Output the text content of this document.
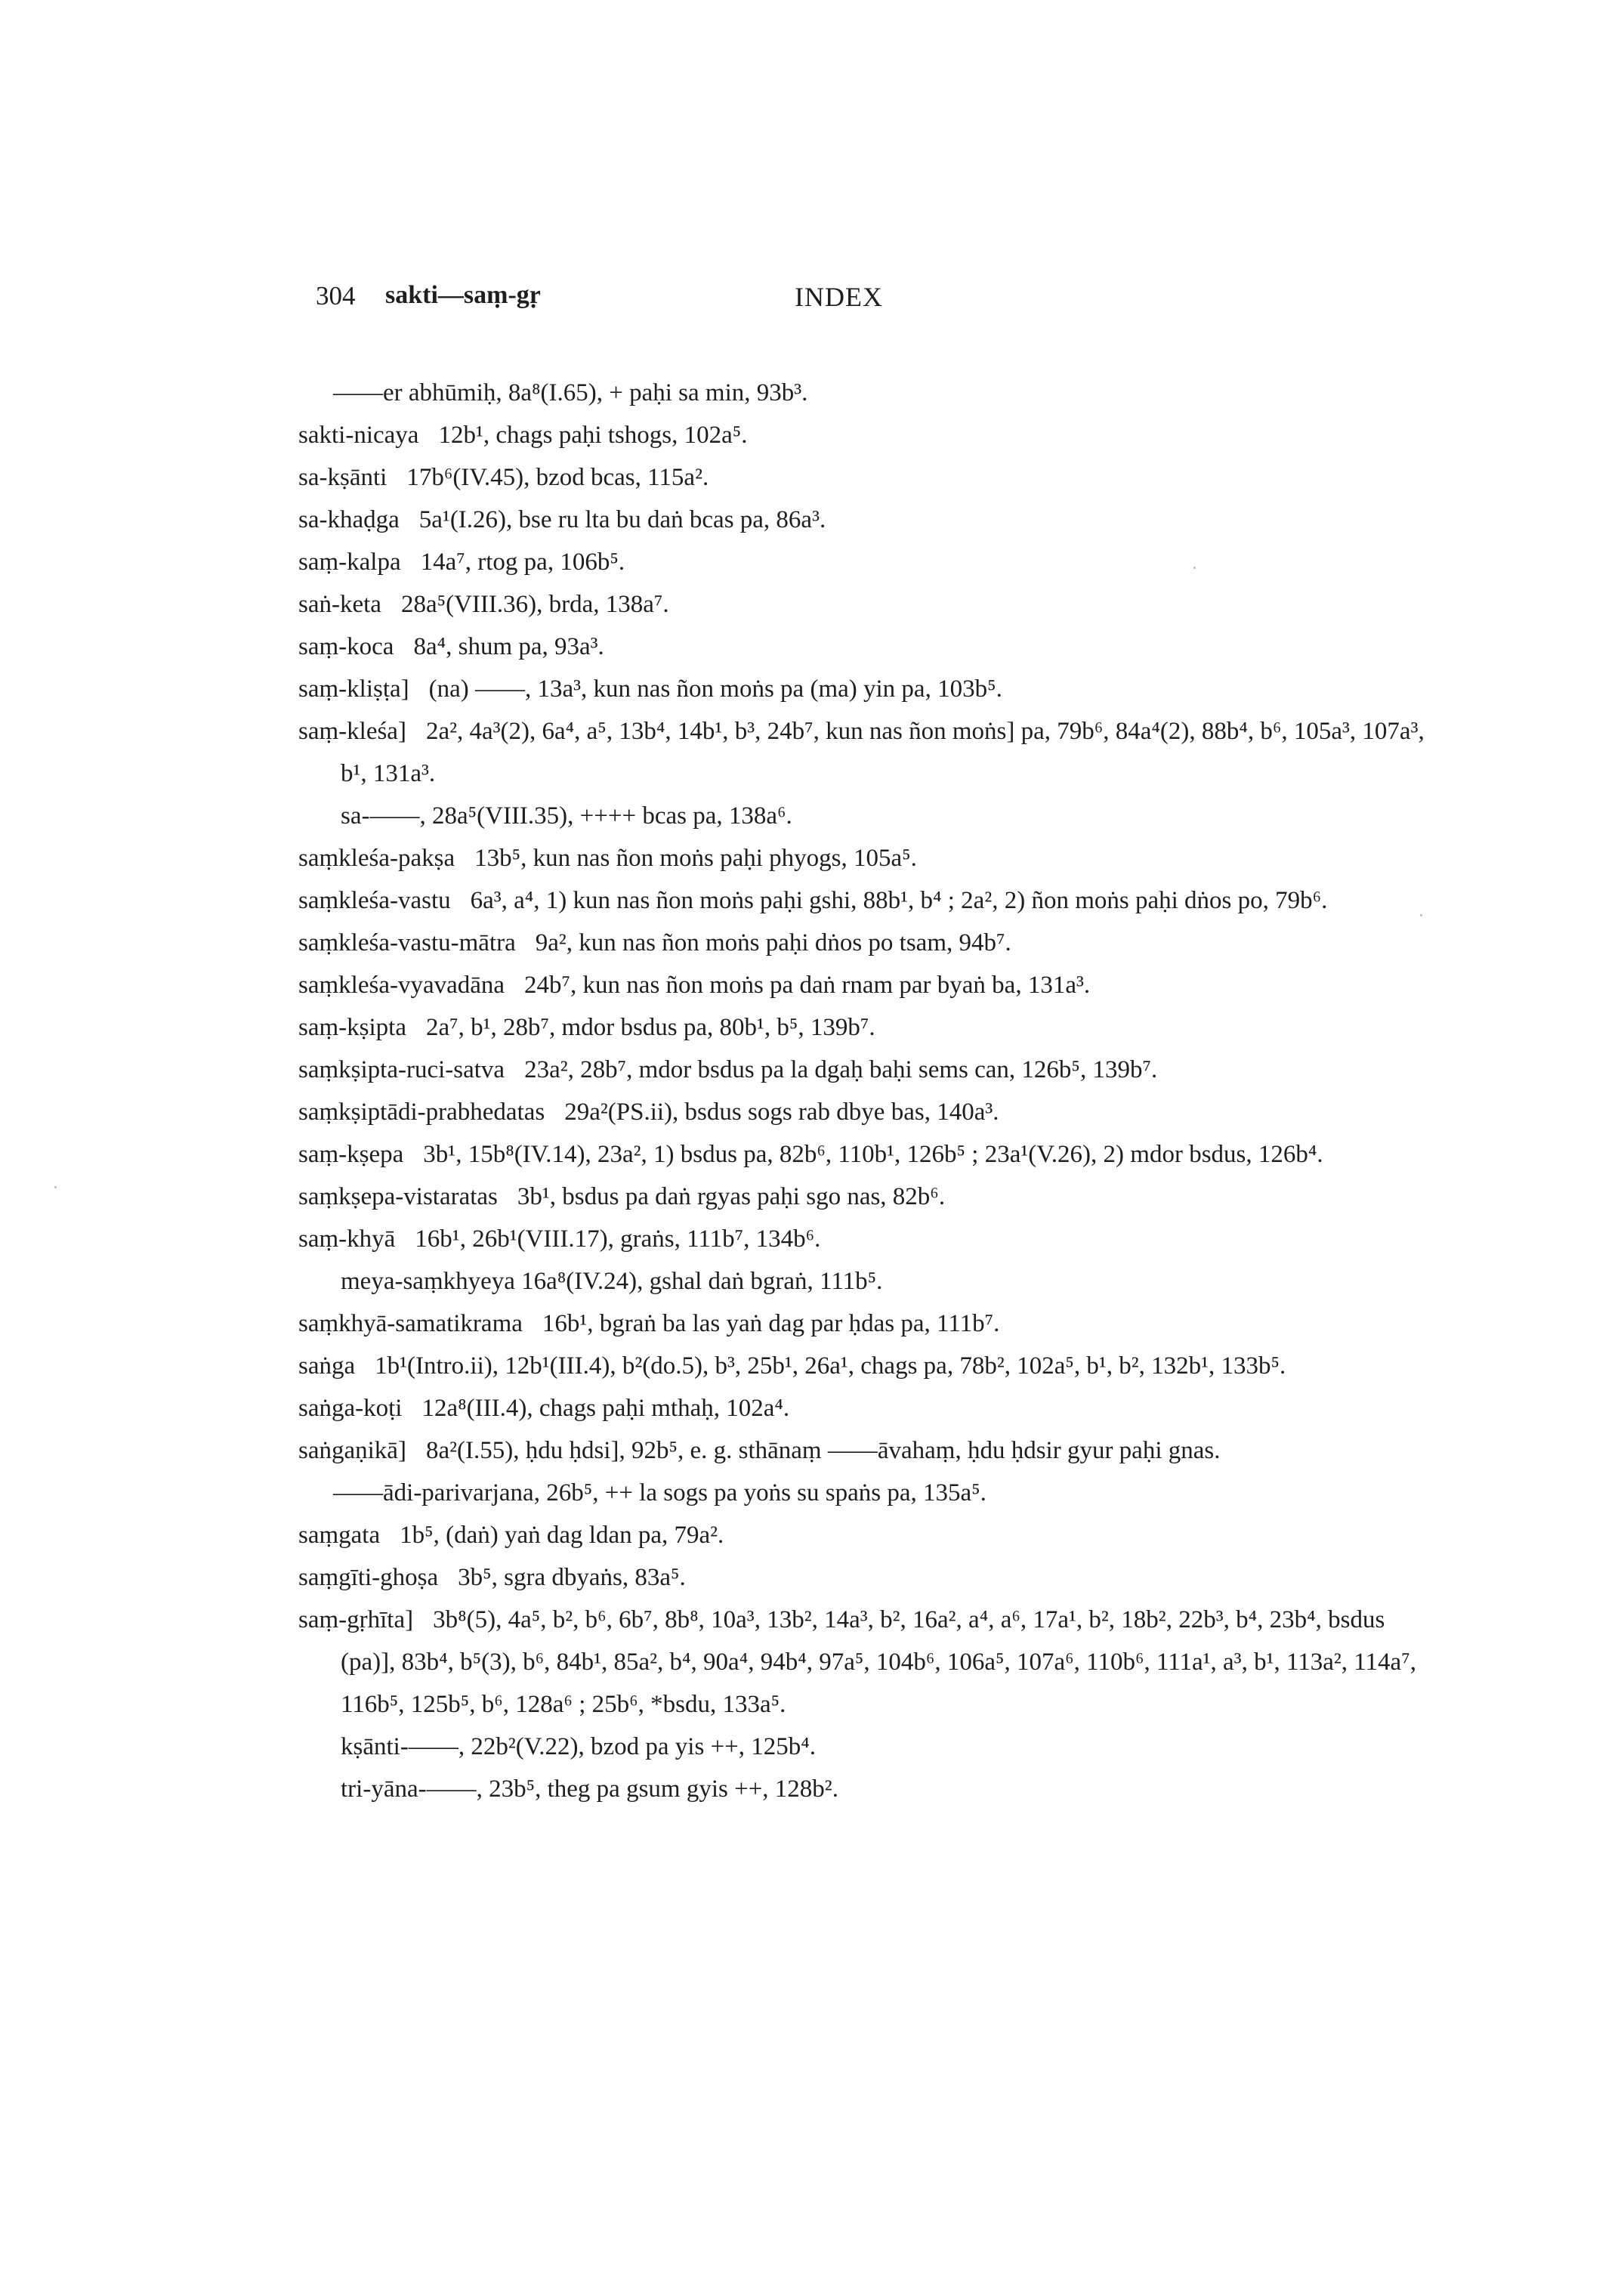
304 sakti—saṃ-gṛ	INDEX
——er abhūmiḥ, 8a⁸(I.65), + paḥi sa min, 93b³.
sakti-nicaya 12b¹, chags paḥi tshogs, 102a⁵.
sa-kṣānti 17b⁶(IV.45), bzod bcas, 115a².
sa-khaḍga 5a¹(I.26), bse ru lta bu daṅ bcas pa, 86a³.
saṃ-kalpa 14a⁷, rtog pa, 106b⁵.
saṅ-keta 28a⁵(VIII.36), brda, 138a⁷.
saṃ-koca 8a⁴, shum pa, 93a³.
saṃ-kliṣṭa] (na) ——, 13a³, kun nas ñon moṅs pa (ma) yin pa, 103b⁵.
saṃ-kleśa] 2a², 4a³(2), 6a⁴, a⁵, 13b⁴, 14b¹, b³, 24b⁷, kun nas ñon moṅs] pa, 79b⁶, 84a⁴(2), 88b⁴, b⁶, 105a³, 107a³, b¹, 131a³.
sa-——, 28a⁵(VIII.35), ++++ bcas pa, 138a⁶.
saṃkleśa-pakṣa 13b⁵, kun nas ñon moṅs paḥi phyogs, 105a⁵.
saṃkleśa-vastu 6a³, a⁴, 1) kun nas ñon moṅs paḥi gshi, 88b¹, b⁴ ; 2a², 2) ñon moṅs paḥi dṅos po, 79b⁶.
saṃkleśa-vastu-mātra 9a², kun nas ñon moṅs paḥi dṅos po tsam, 94b⁷.
saṃkleśa-vyavadāna 24b⁷, kun nas ñon moṅs pa daṅ rnam par byaṅ ba, 131a³.
saṃ-kṣipta 2a⁷, b¹, 28b⁷, mdor bsdus pa, 80b¹, b⁵, 139b⁷.
saṃkṣipta-ruci-satva 23a², 28b⁷, mdor bsdus pa la dgaḥ baḥi sems can, 126b⁵, 139b⁷.
saṃkṣiptādi-prabhedatas 29a²(PS.ii), bsdus sogs rab dbye bas, 140a³.
saṃ-kṣepa 3b¹, 15b⁸(IV.14), 23a², 1) bsdus pa, 82b⁶, 110b¹, 126b⁵ ; 23a¹(V.26), 2) mdor bsdus, 126b⁴.
saṃkṣepa-vistaratas 3b¹, bsdus pa daṅ rgyas paḥi sgo nas, 82b⁶.
saṃ-khyā 16b¹, 26b¹(VIII.17), graṅs, 111b⁷, 134b⁶.
meya-saṃkhyeya 16a⁸(IV.24), gshal daṅ bgraṅ, 111b⁵.
saṃkhyā-samatikrama 16b¹, bgraṅ ba las yaṅ dag par ḥdas pa, 111b⁷.
saṅga 1b¹(Intro.ii), 12b¹(III.4), b²(do.5), b³, 25b¹, 26a¹, chags pa, 78b², 102a⁵, b¹, b², 132b¹, 133b⁵.
saṅga-koṭi 12a⁸(III.4), chags paḥi mthaḥ, 102a⁴.
saṅgaṇikā] 8a²(I.55), ḥdu ḥdsi], 92b⁵, e. g. sthānaṃ ——āvahaṃ, ḥdu ḥdsir gyur paḥi gnas.
——ādi-parivarjana, 26b⁵, ++ la sogs pa yoṅs su spaṅs pa, 135a⁵.
saṃgata 1b⁵, (daṅ) yaṅ dag ldan pa, 79a².
saṃgīti-ghoṣa 3b⁵, sgra dbyaṅs, 83a⁵.
saṃ-gṛhīta] 3b⁸(5), 4a⁵, b², b⁶, 6b⁷, 8b⁸, 10a³, 13b², 14a³, b², 16a², a⁴, a⁶, 17a¹, b², 18b², 22b³, b⁴, 23b⁴, bsdus (pa)], 83b⁴, b⁵(3), b⁶, 84b¹, 85a², b⁴, 90a⁴, 94b⁴, 97a⁵, 104b⁶, 106a⁵, 107a⁶, 110b⁶, 111a¹, a³, b¹, 113a², 114a⁷, 116b⁵, 125b⁵, b⁶, 128a⁶ ; 25b⁶, *bsdu, 133a⁵.
kṣānti-——, 22b²(V.22), bzod pa yis ++, 125b⁴.
tri-yāna-——, 23b⁵, theg pa gsum gyis ++, 128b².
